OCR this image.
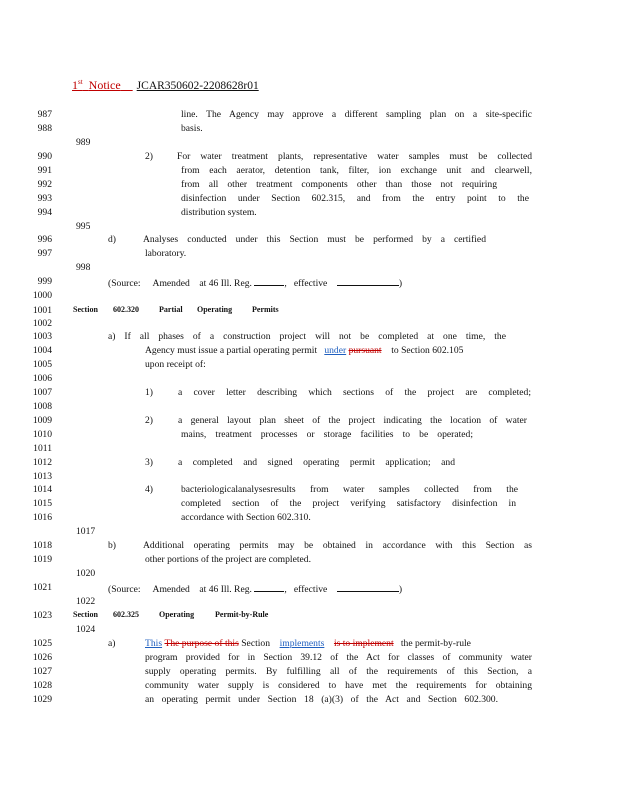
1st Notice JCAR350602-2208628r01
987
988
989
990
991
992
993
994
995
996
997
998
999
1000
1001
1002
1003
1004
1005
1006
1007
1008
1009
1010
1011
1012
1013
1014
1015
1016
1017
1018
1019
1020
1021
1022
1023
1024
1025
1026
1027
1028
1029
line. The Agency may approve a different sampling plan on a site-specific
basis.
2)	For water treatment plants, representative water samples must be collected
from each aerator, detention tank, filter, ion exchange unit and clearwell,
from all other treatment components other than those not requiring
disinfection under Section 602.315, and from the entry point to the
distribution system.
d)	Analyses conducted under this Section must be performed by a certified
laboratory.
(Source: Amended at 46 Ill. Reg.	,   effective	)
Section 602.320	Partial Operating Permits
a) If all phases of a construction project will not be completed at one time, the
Agency must issue a partial operating permit under pursuant to Section 602.105
upon receipt of:
1)	a cover letter describing which sections of the project are completed;
2)	a general layout plan sheet of the project indicating the location of water
mains, treatment processes or storage facilities to be operated;
3)	a completed and signed operating permit application; and
4)	bacteriologicalanalysesresults from water samples collected from the
completed section of the project verifying satisfactory disinfection in
accordance with Section 602.310.
b)	Additional operating permits may be obtained in accordance with this Section as
other portions of the project are completed.
(Source: Amended at 46 Ill. Reg.	,   effective	)
Section 602.325	Operating	Permit-by-Rule
a)	This The purpose of this Section implements is to implement the permit-by-rule
program provided for in Section 39.12 of the Act for classes of community water
supply operating permits. By fulfilling all of the requirements of this Section, a
community water supply is considered to have met the requirements for obtaining
an operating permit under Section 18 (a)(3) of the Act and Section 602.300.
